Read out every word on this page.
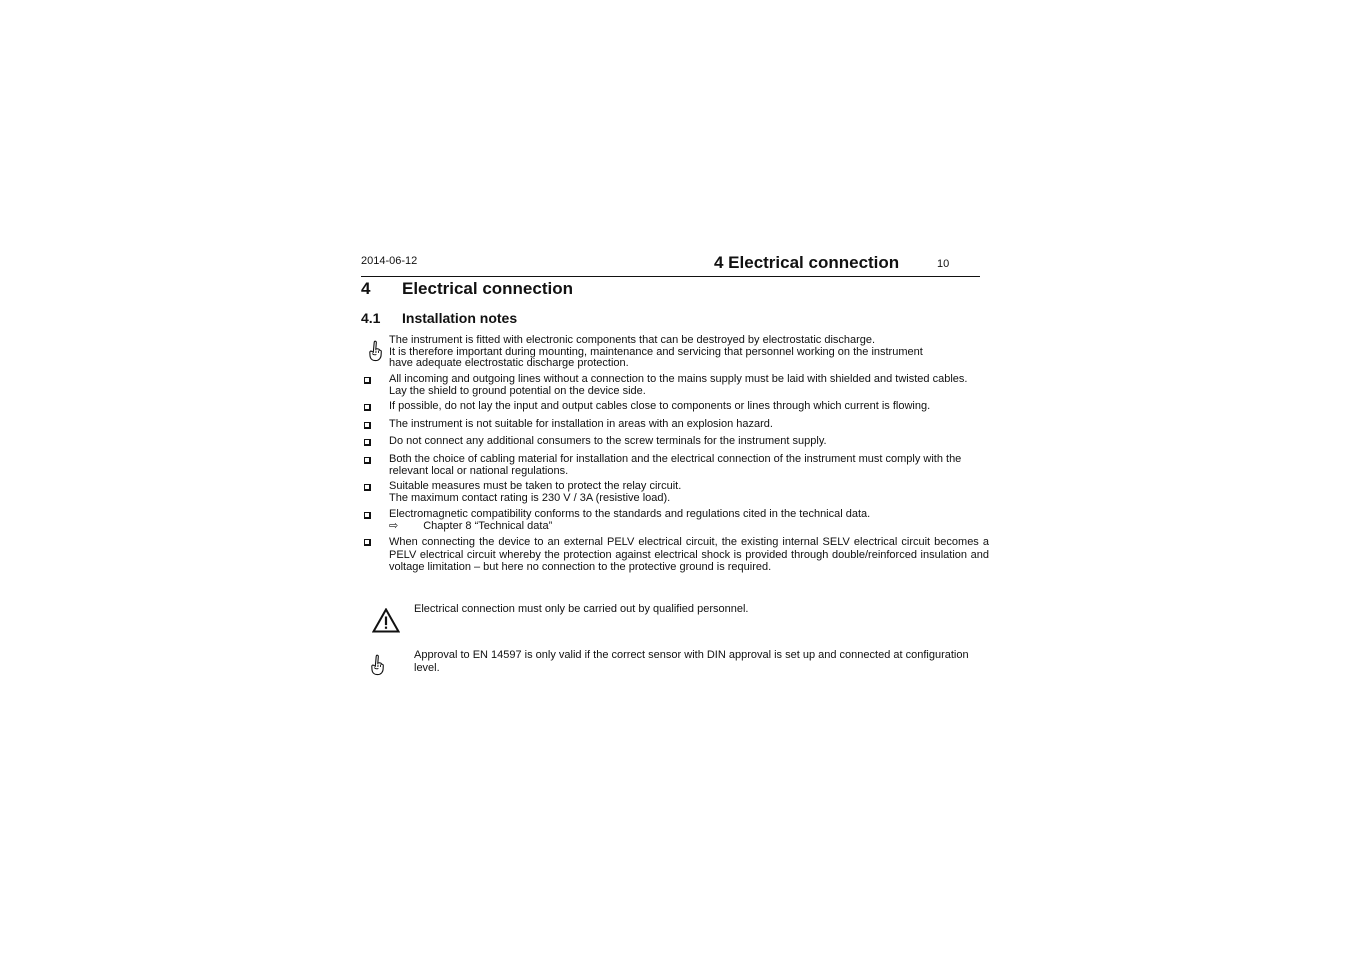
2014-06-12	4 Electrical connection	10
4 Electrical connection
4.1 Installation notes
The instrument is fitted with electronic components that can be destroyed by electrostatic discharge.
It is therefore important during mounting, maintenance and servicing that personnel working on the instrument
have adequate electrostatic discharge protection.
All incoming and outgoing lines without a connection to the mains supply must be laid with shielded and twisted cables.
Lay the shield to ground potential on the device side.
If possible, do not lay the input and output cables close to components or lines through which current is flowing.
The instrument is not suitable for installation in areas with an explosion hazard.
Do not connect any additional consumers to the screw terminals for the instrument supply.
Both the choice of cabling material for installation and the electrical connection of the instrument must comply with the
relevant local or national regulations.
Suitable measures must be taken to protect the relay circuit.
The maximum contact rating is 230 V / 3A (resistive load).
Electromagnetic compatibility conforms to the standards and regulations cited in the technical data.
⇨ Chapter 8 “Technical data”
When connecting the device to an external PELV electrical circuit, the existing internal SELV electrical circuit becomes a PELV electrical circuit whereby the protection against electrical shock is provided through double/reinforced insulation and voltage limitation – but here no connection to the protective ground is required.
Electrical connection must only be carried out by qualified personnel.
Approval to EN 14597 is only valid if the correct sensor with DIN approval is set up and connected at configuration
level.
